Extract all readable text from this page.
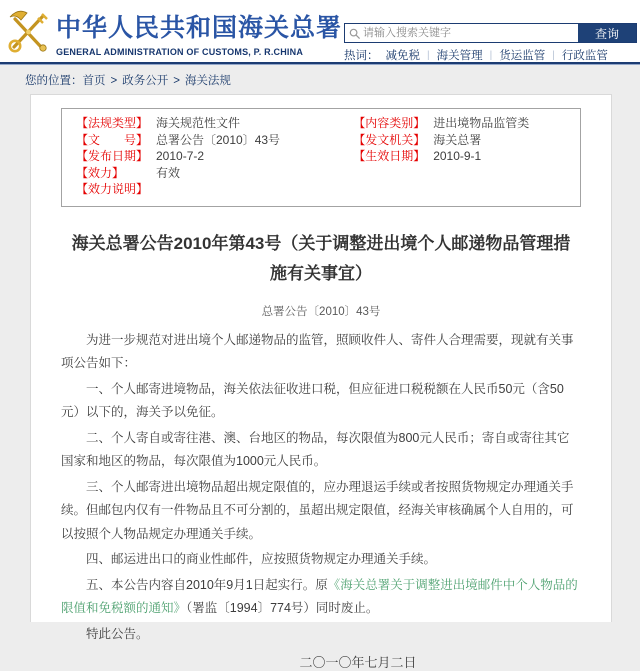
中华人民共和国海关总署
GENERAL ADMINISTRATION OF CUSTOMS, P. R.CHINA
请输入搜索关键字
查询
热词： 减免税 | 海关管理 | 货运监管 | 行政监管
您的位置：首页 > 政务公开 > 海关法规
【法规类型】 海关规范性文件
【文　　号】 总署公告〔2010〕43号
【发布日期】 2010-7-2
【效力】	有效
【效力说明】
【内容类别】 进出境物品监管类
【发文机关】 海关总署
【生效日期】 2010-9-1
海关总署公告2010年第43号（关于调整进出境个人邮递物品管理措施有关事宜）
总署公告〔2010〕43号

为进一步规范对进出境个人邮递物品的监管，照顾收件人、寄件人合理需要，现就有关事项公告如下：

一、个人邮寄进境物品，海关依法征收进口税，但应征进口税税额在人民币50元（含50元）以下的，海关予以免征。

二、个人寄自或寄往港、澳、台地区的物品，每次限值为800元人民币；寄自或寄往其它国家和地区的物品，每次限值为1000元人民币。

三、个人邮寄进出境物品超出规定限值的，应办理退运手续或者按照货物规定办理通关手续。但邮包内仅有一件物品且不可分割的，虽超出规定限值，经海关审核确属个人自用的，可以按照个人物品规定办理通关手续。

四、邮运进出口的商业性邮件，应按照货物规定办理通关手续。

五、本公告内容自2010年9月1日起实行。原《海关总署关于调整进出境邮件中个人物品的限值和免税额的通知》（署监〔1994〕774号）同时废止。

特此公告。

二〇一〇年七月二日
